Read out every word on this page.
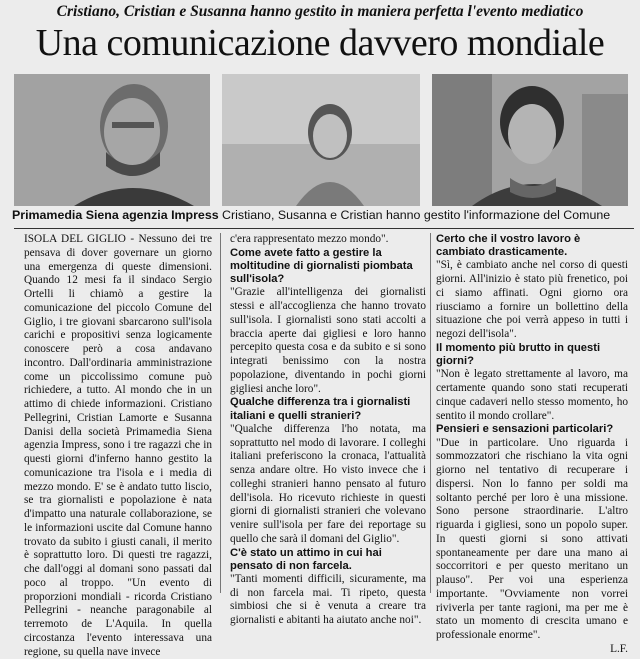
Cristiano, Cristian e Susanna hanno gestito in maniera perfetta l'evento mediatico
Una comunicazione davvero mondiale
Primamedia Siena agenzia Impress Cristiano, Susanna e Cristian hanno gestito l'informazione del Comune

ISOLA DEL GIGLIO - Nessuno dei tre pensava di dover governare un giorno una emergenza di queste dimensioni. Quando 12 mesi fa il sindaco Sergio Ortelli li chiamò a gestire la comunicazione del piccolo Comune del Giglio, i tre giovani sbarcarono sull'isola carichi e propositivi senza logicamente conoscere però a cosa andavano incontro. Dall'ordinaria amministrazione come un piccolissimo comune può richiedere, a tutto. Al mondo che in un attimo di chiede informazioni. Cristiano Pellegrini, Cristian Lamorte e Susanna Danisi della società Primamedia Siena agenzia Impress, sono i tre ragazzi che in questi giorni d'inferno hanno gestito la comunicazione tra l'isola e i media di mezzo mondo. E' se è andato tutto liscio, se tra giornalisti e popolazione è nata d'impatto una naturale collaborazione, se le informazioni uscite dal Comune hanno trovato da subito i giusti canali, il merito è soprattutto loro. Di questi tre ragazzi, che dall'oggi al domani sono passati dal poco al troppo. "Un evento di proporzioni mondiali - ricorda Cristiano Pellegrini - neanche paragonabile al terremoto de L'Aquila. In quella circostanza l'evento interessava una regione, su quella nave invece

c'era rappresentato mezzo mondo".

Come avete fatto a gestire la moltitudine di giornalisti piombata sull'isola?

"Grazie all'intelligenza dei giornalisti stessi e all'accoglienza che hanno trovato sull'isola. I giornalisti sono stati accolti a braccia aperte dai gigliesi e loro hanno percepito questa cosa e da subito e si sono integrati benissimo con la nostra popolazione, diventando in pochi giorni gigliesi anche loro".

Qualche differenza tra i giornalisti italiani e quelli stranieri?

"Qualche differenza l'ho notata, ma soprattutto nel modo di lavorare. I colleghi italiani preferiscono la cronaca, l'attualità senza andare oltre. Ho visto invece che i colleghi stranieri hanno pensato al futuro dell'isola. Ho ricevuto richieste in questi giorni di giornalisti stranieri che volevano venire sull'isola per fare dei reportage su quello che sarà il domani del Giglio".

C'è stato un attimo in cui hai pensato di non farcela.

"Tanti momenti difficili, sicuramente, ma di non farcela mai. Ti ripeto, questa simbiosi che si è venuta a creare tra giornalisti e abitanti ha aiutato anche noi".

Certo che il vostro lavoro è cambiato drasticamente.

"Sì, è cambiato anche nel corso di questi giorni. All'inizio è stato più frenetico, poi ci siamo affinati. Ogni giorno ora riusciamo a fornire un bollettino della situazione che poi verrà appeso in tutti i negozi dell'isola".

Il momento più brutto in questi giorni?

"Non è legato strettamente al lavoro, ma certamente quando sono stati recuperati cinque cadaveri nello stesso momento, ho sentito il mondo crollare".

Pensieri e sensazioni particolari?

"Due in particolare. Uno riguarda i sommozzatori che rischiano la vita ogni giorno nel tentativo di recuperare i dispersi. Non lo fanno per soldi ma soltanto perché per loro è una missione. Sono persone straordinarie. L'altro riguarda i gigliesi, sono un popolo super. In questi giorni si sono attivati spontaneamente per dare una mano ai soccorritori e per questo meritano un plauso". Per voi una esperienza importante. "Ovviamente non vorrei riviverla per tante ragioni, ma per me è stato un momento di crescita umano e professionale enorme".

L.F.
